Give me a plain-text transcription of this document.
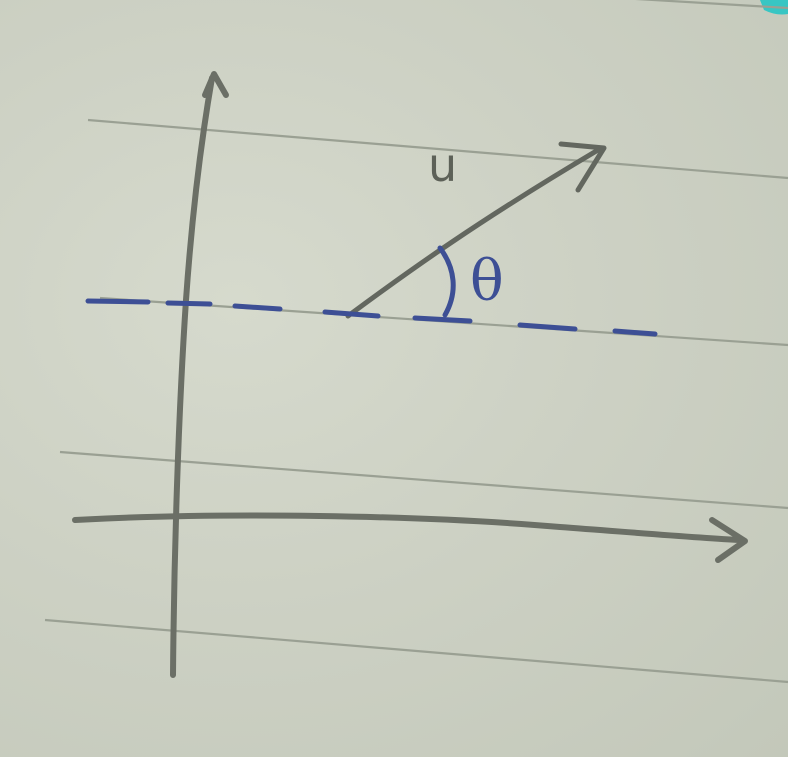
u
θ
